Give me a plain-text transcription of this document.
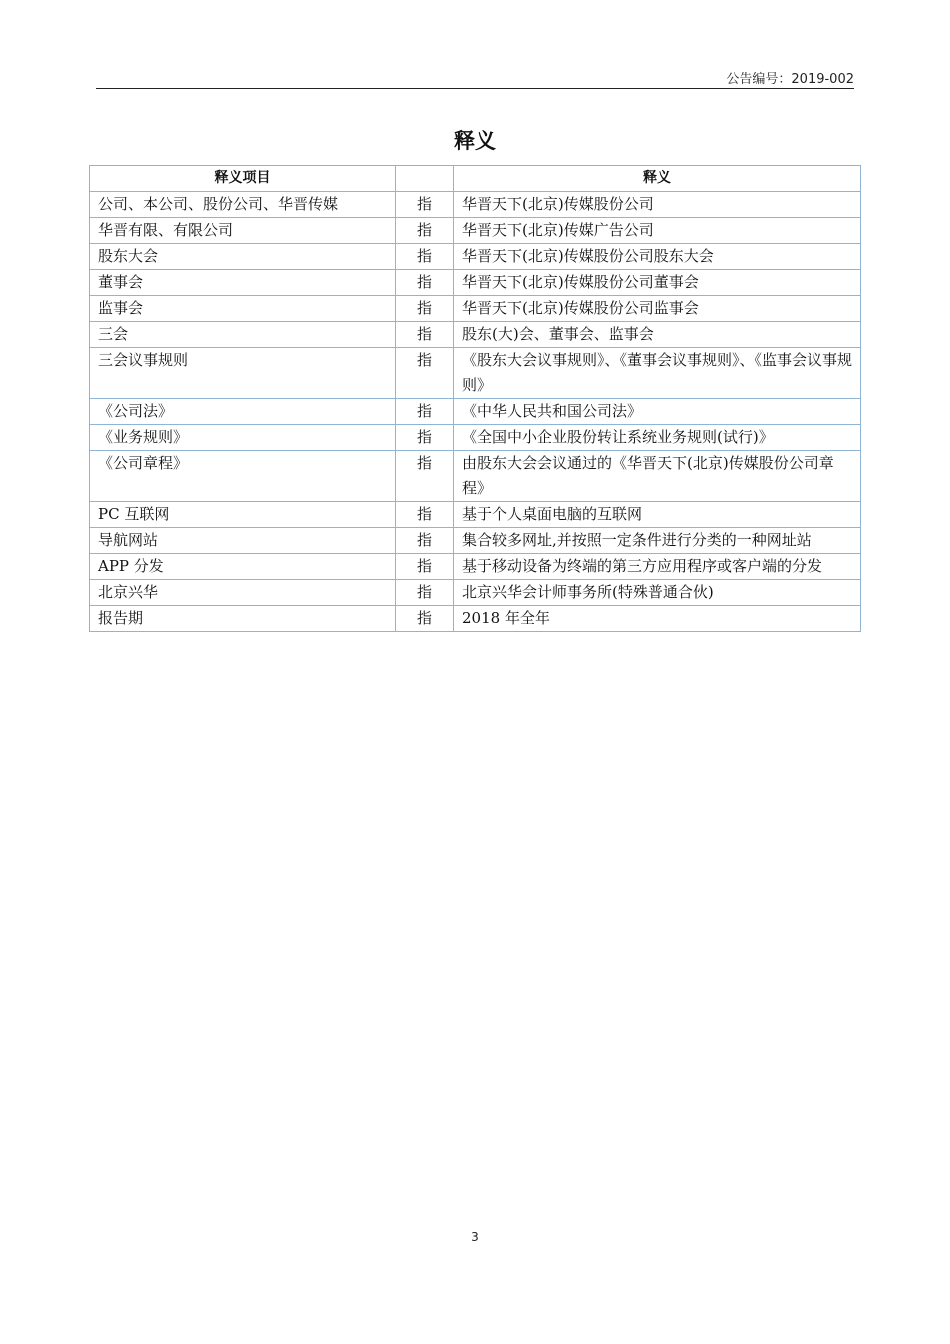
公告编号：2019-002
释义
释义项目		释义
公司、本公司、股份公司、华晋传媒	指	华晋天下(北京)传媒股份公司
华晋有限、有限公司	指	华晋天下(北京)传媒广告公司
股东大会	指	华晋天下(北京)传媒股份公司股东大会
董事会	指	华晋天下(北京)传媒股份公司董事会
监事会	指	华晋天下(北京)传媒股份公司监事会
三会	指	股东(大)会、董事会、监事会
三会议事规则	指	《股东大会议事规则》、《董事会议事规则》、《监事会议事规则》
《公司法》	指	《中华人民共和国公司法》
《业务规则》	指	《全国中小企业股份转让系统业务规则(试行)》
《公司章程》	指	由股东大会会议通过的《华晋天下(北京)传媒股份公司章程》
PC 互联网	指	基于个人桌面电脑的互联网
导航网站	指	集合较多网址,并按照一定条件进行分类的一种网址站
APP 分发	指	基于移动设备为终端的第三方应用程序或客户端的分发
北京兴华	指	北京兴华会计师事务所(特殊普通合伙)
报告期	指	2018 年全年
3
